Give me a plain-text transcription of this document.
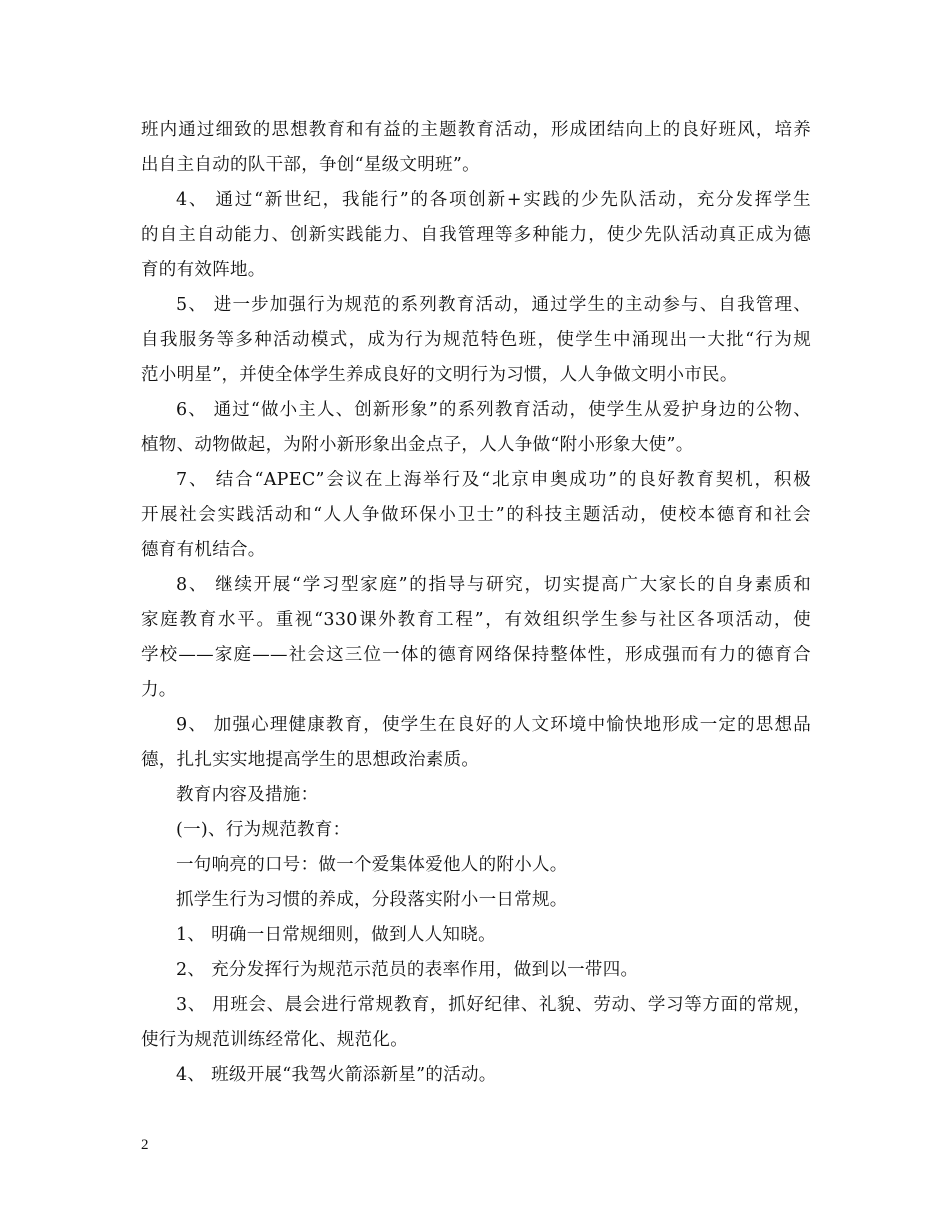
班内通过细致的思想教育和有益的主题教育活动，形成团结向上的良好班风，培养
出自主自动的队干部，争创“星级文明班”。
4、 通过“新世纪，我能行”的各项创新+实践的少先队活动，充分发挥学生
的自主自动能力、创新实践能力、自我管理等多种能力，使少先队活动真正成为德
育的有效阵地。
5、 进一步加强行为规范的系列教育活动，通过学生的主动参与、自我管理、
自我服务等多种活动模式，成为行为规范特色班，使学生中涌现出一大批“行为规
范小明星”，并使全体学生养成良好的文明行为习惯，人人争做文明小市民。
6、 通过“做小主人、创新形象”的系列教育活动，使学生从爱护身边的公物、
植物、动物做起，为附小新形象出金点子，人人争做“附小形象大使”。
7、 结合“APEC”会议在上海举行及“北京申奥成功”的良好教育契机，积极
开展社会实践活动和“人人争做环保小卫士”的科技主题活动，使校本德育和社会
德育有机结合。
8、 继续开展“学习型家庭”的指导与研究，切实提高广大家长的自身素质和
家庭教育水平。重视“330课外教育工程”，有效组织学生参与社区各项活动，使
学校——家庭——社会这三位一体的德育网络保持整体性，形成强而有力的德育合
力。
9、 加强心理健康教育，使学生在良好的人文环境中愉快地形成一定的思想品
德，扎扎实实地提高学生的思想政治素质。
教育内容及措施：
(一)、行为规范教育：
一句响亮的口号：做一个爱集体爱他人的附小人。
抓学生行为习惯的养成，分段落实附小一日常规。
1、 明确一日常规细则，做到人人知晓。
2、 充分发挥行为规范示范员的表率作用，做到以一带四。
3、 用班会、晨会进行常规教育，抓好纪律、礼貌、劳动、学习等方面的常规，
使行为规范训练经常化、规范化。
4、 班级开展“我驾火箭添新星”的活动。
2
